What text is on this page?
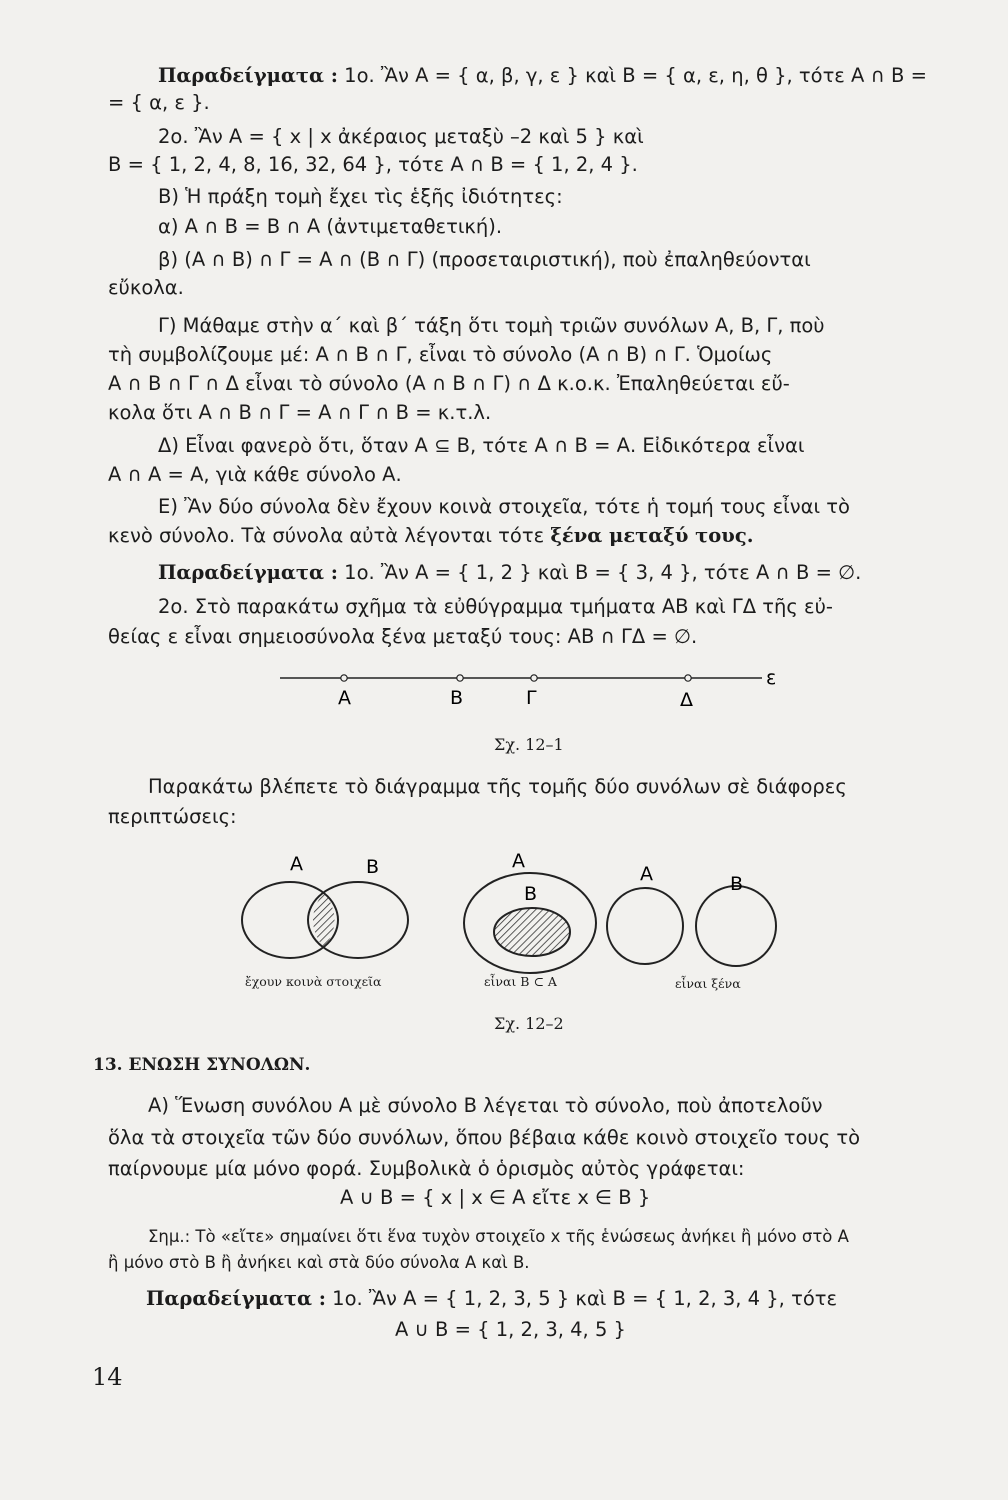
Παραδείγματα : 1ο. Ἂν Α = { α, β, γ, ε } καὶ Β = { α, ε, η, θ }, τότε Α ∩ Β =

= { α, ε }.

2ο. Ἂν Α = { x | x ἀκέραιος μεταξὺ –2 καὶ 5 } καὶ

Β = { 1, 2, 4, 8, 16, 32, 64 }, τότε Α ∩ Β = { 1, 2, 4 }.

Β) Ἡ πράξη τομὴ ἔχει τὶς ἑξῆς ἰδιότητες:

α) Α ∩ Β = Β ∩ Α (ἀντιμεταθετική).

β) (Α ∩ Β) ∩ Γ = Α ∩ (Β ∩ Γ) (προσεταιριστική), ποὺ ἐπαληθεύονται

εὔκολα.

Γ) Μάθαμε στὴν α΄ καὶ β΄ τάξη ὅτι τομὴ τριῶν συνόλων Α, Β, Γ, ποὺ

τὴ συμβολίζουμε μέ: Α ∩ Β ∩ Γ, εἶναι τὸ σύνολο (Α ∩ Β) ∩ Γ. Ὁμοίως

Α ∩ Β ∩ Γ ∩ Δ εἶναι τὸ σύνολο (Α ∩ Β ∩ Γ) ∩ Δ κ.ο.κ. Ἐπαληθεύεται εὔ-

κολα ὅτι Α ∩ Β ∩ Γ = Α ∩ Γ ∩ Β = κ.τ.λ.

Δ) Εἶναι φανερὸ ὅτι, ὅταν Α ⊆ Β, τότε Α ∩ Β = Α. Εἰδικότερα εἶναι

Α ∩ Α = Α, γιὰ κάθε σύνολο Α.

Ε) Ἂν δύο σύνολα δὲν ἔχουν κοινὰ στοιχεῖα, τότε ἡ τομή τους εἶναι τὸ

κενὸ σύνολο. Τὰ σύνολα αὐτὰ λέγονται τότε ξένα μεταξύ τους.

Παραδείγματα : 1ο. Ἂν Α = { 1, 2 } καὶ Β = { 3, 4 }, τότε Α ∩ Β = ∅.

2ο. Στὸ παρακάτω σχῆμα τὰ εὐθύγραμμα τμήματα ΑΒ καὶ ΓΔ τῆς εὐ-

θείας ε εἶναι σημειοσύνολα ξένα μεταξύ τους: ΑΒ ∩ ΓΔ = ∅.

Α	Β	Γ	Δ
ε
Σχ. 12–1

Παρακάτω βλέπετε τὸ διάγραμμα τῆς τομῆς δύο συνόλων σὲ διάφορες

περιπτώσεις:

Α	Β	Α
Β
Α	Β
ἔχουν κοινὰ στοιχεῖα	εἶναι Β ⊂ Α	εἶναι ξένα
Σχ. 12–2
13. ΕΝΩΣΗ ΣΥΝΟΛΩΝ.

Α) Ἕνωση συνόλου Α μὲ σύνολο Β λέγεται τὸ σύνολο, ποὺ ἀποτελοῦν

ὅλα τὰ στοιχεῖα τῶν δύο συνόλων, ὅπου βέβαια κάθε κοινὸ στοιχεῖο τους τὸ

παίρνουμε μία μόνο φορά. Συμβολικὰ ὁ ὁρισμὸς αὐτὸς γράφεται:

Α ∪ Β = { x | x ∈ Α εἴτε x ∈ Β }

Σημ.: Τὸ «εἴτε» σημαίνει ὅτι ἕνα τυχὸν στοιχεῖο x τῆς ἑνώσεως ἀνήκει ἢ μόνο στὸ Α

ἢ μόνο στὸ Β ἢ ἀνήκει καὶ στὰ δύο σύνολα Α καὶ Β.

Παραδείγματα : 1ο. Ἂν Α = { 1, 2, 3, 5 } καὶ Β = { 1, 2, 3, 4 }, τότε

Α ∪ Β = { 1, 2, 3, 4, 5 }
14
